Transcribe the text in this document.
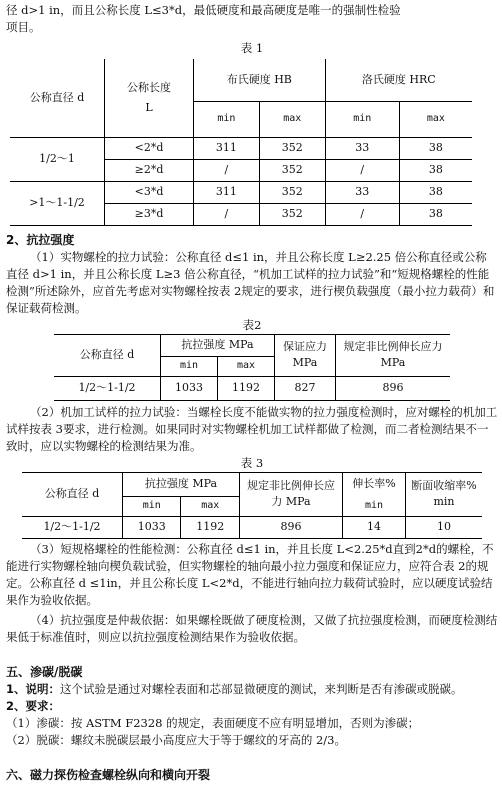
径 d>1 in，而且公称长度 L≤3*d，最低硬度和最高硬度是唯一的强制性检验

项目。

表 1

公称直径 d	公称长度
L	布氏硬度 HB		洛氏硬度 HRC	
		min	max	min	max
1/2～1	<2*d	311	352	33	38
	≥2*d	/	352	/	38
>1～1-1/2	<3*d	311	352	33	38
	≥3*d	/	352	/	38

2、抗拉强度

（1）实物螺栓的拉力试验：公称直径 d≤1 in，并且公称长度 L≥2.25 倍公称直径或公称直径 d>1 in，并且公称长度 L≥3 倍公称直径，“机加工试样的拉力试验”和“短规格螺栓的性能检测”所述除外，应首先考虑对实物螺栓按表 2规定的要求，进行楔负载强度（最小拉力载荷）和保证载荷检测。

表2

公称直径 d	抗拉强度 MPa		保证应力 MPa	规定非比例伸长应力 MPa
	min	max		
1/2～1-1/2	1033	1192	827	896

（2）机加工试样的拉力试验：当螺栓长度不能做实物的拉力强度检测时，应对螺栓的机加工试样按表 3要求，进行检测。如果同时对实物螺栓机加工试样都做了检测，而二者检测结果不一致时，应以实物螺栓的检测结果为准。

表 3

公称直径 d	抗拉强度 MPa		规定非比例伸长应力 MPa	伸长率%	断面收缩率% min
	min	max		min	
1/2～1-1/2	1033	1192	896	14	10

（3）短规格螺栓的性能检测：公称直径 d≤1 in，并且长度 L<2.25*d直到2*d的螺栓，不能进行实物螺栓轴向楔负载试验，但实物螺栓的轴向最小拉力强度和保证应力，应符合表 2的规定。公称直径 d ≤1in，并且公称长度 L<2*d，不能进行轴向拉力载荷试验时，应以硬度试验结果作为验收依据。

（4）抗拉强度是仲裁依据：如果螺栓既做了硬度检测，又做了抗拉强度检测，而硬度检测结果低于标准值时，则应以抗拉强度检测结果作为验收依据。

五、渗碳/脱碳

1、说明：这个试验是通过对螺栓表面和芯部显微硬度的测试，来判断是否有渗碳或脱碳。

2、要求：

（1）渗碳：按 ASTM F2328 的规定，表面硬度不应有明显增加，否则为渗碳；

（2）脱碳：螺纹未脱碳层最小高度应大于等于螺纹的牙高的 2/3。

六、磁力探伤检查螺栓纵向和横向开裂
